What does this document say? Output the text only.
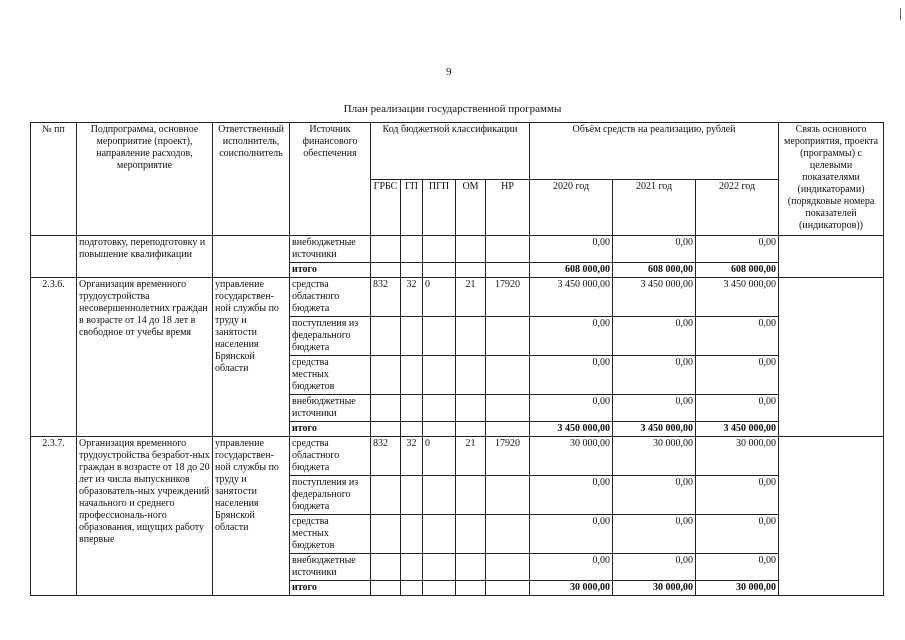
9
План реализации государственной программы
№ пп	Подпрограмма, основное мероприятие (проект), направление расходов, мероприятие	Ответственный исполнитель, соисполнитель	Источник финансового обеспечения	Код бюджетной классификации					Объём средств на реализацию, рублей			Связь основного мероприятия, проекта (программы) с целевыми показателями (индикаторами) (порядковые номера показателей (индикаторов))
				ГРБС	ГП	ПГП	ОМ	НР	2020 год	2021 год	2022 год	
	подготовку, переподготовку и повышение квалификации		внебюджетные источники						0,00	0,00	0,00	
			итого						608 000,00	608 000,00	608 000,00	
2.3.6.	Организация временного трудоустройства несовершеннолетних граждан в возрасте от 14 до 18 лет в свободное от учебы время	управление государствен-ной службы по труду и занятости населения Брянской области	средства областного бюджета	832	32	0	21	17920	3 450 000,00	3 450 000,00	3 450 000,00	
			поступления из федерального бюджета						0,00	0,00	0,00	
			средства местных бюджетов						0,00	0,00	0,00	
			внебюджетные источники						0,00	0,00	0,00	
			итого						3 450 000,00	3 450 000,00	3 450 000,00	
2.3.7.	Организация временного трудоустройства безработ-ных граждан в возрасте от 18 до 20 лет из числа выпускников образователь-ных учреждений начального и среднего профессиональ-ного образования, ищущих работу впервые	управление государствен-ной службы по труду и занятости населения Брянской области	средства областного бюджета	832	32	0	21	17920	30 000,00	30 000,00	30 000,00	
			поступления из федерального бюджета						0,00	0,00	0,00	
			средства местных бюджетов						0,00	0,00	0,00	
			внебюджетные источники						0,00	0,00	0,00	
			итого						30 000,00	30 000,00	30 000,00	
